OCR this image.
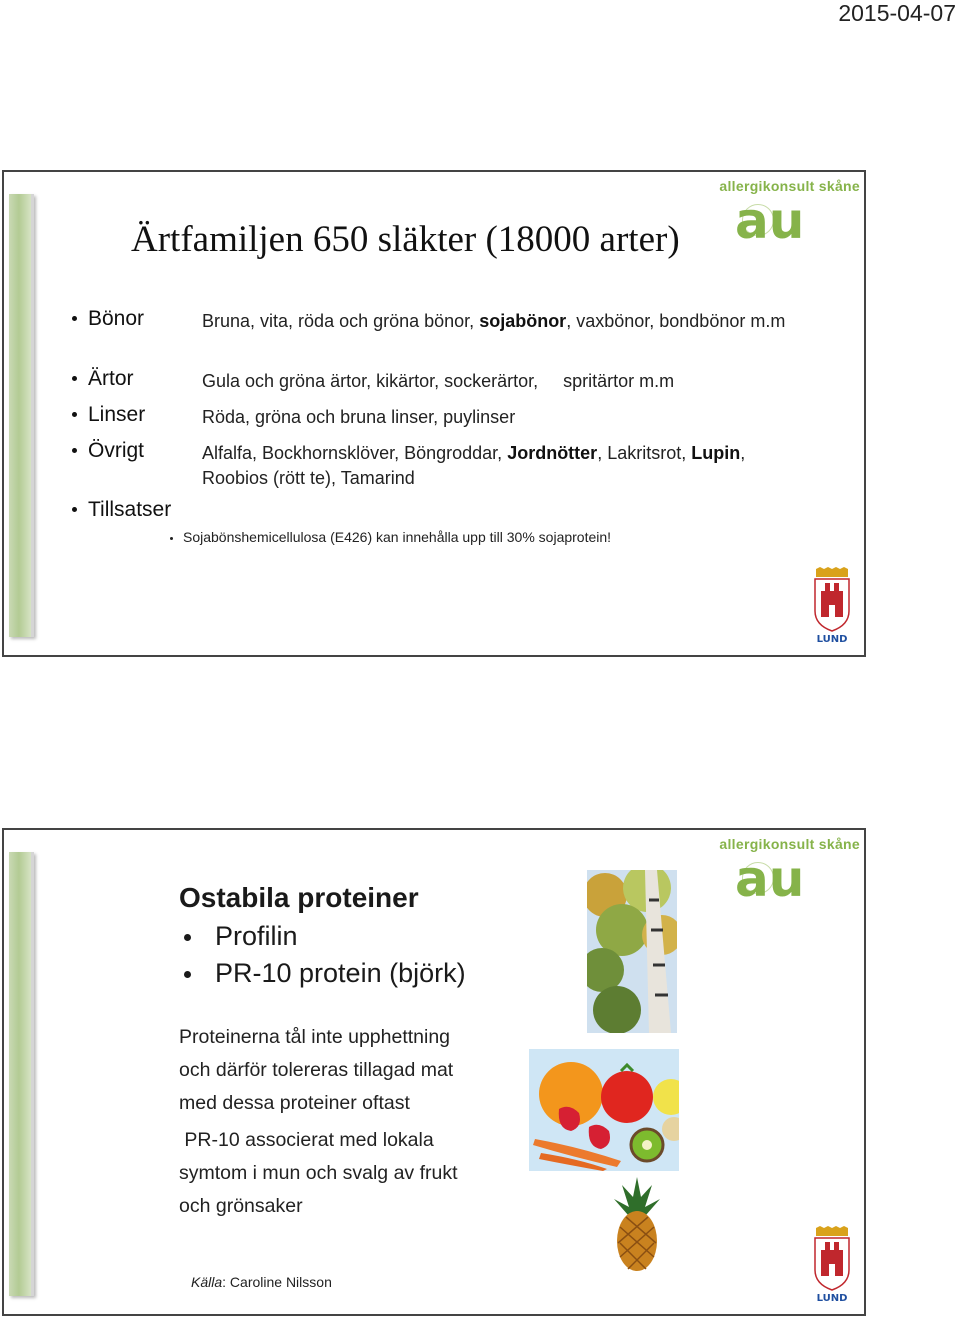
2015-04-07
allergikonsult skåne
au
Ärtfamiljen 650 släkter (18000 arter)
Bönor	Bruna, vita, röda och gröna bönor, sojabönor, vaxbönor, bondbönor m.m
Ärtor	Gula och gröna ärtor, kikärtor, sockerärtor,     spritärtor m.m
Linser	Röda, gröna och bruna linser, puylinser
Övrigt	Alfalfa, Bockhornsklöver, Böngroddar, Jordnötter, Lakritsrot, Lupin, Roobios (rött te), Tamarind
Tillsatser
Sojabönshemicellulosa (E426) kan innehålla upp till 30% sojaprotein!
LUND
allergikonsult skåne
au
Ostabila proteiner
Profilin
PR-10 protein (björk)
Proteinerna tål inte upphettning
och därför tolereras tillagad mat
med dessa proteiner oftast
PR-10 associerat med lokala
symtom i mun och svalg av frukt
och grönsaker
Källa: Caroline Nilsson
LUND
